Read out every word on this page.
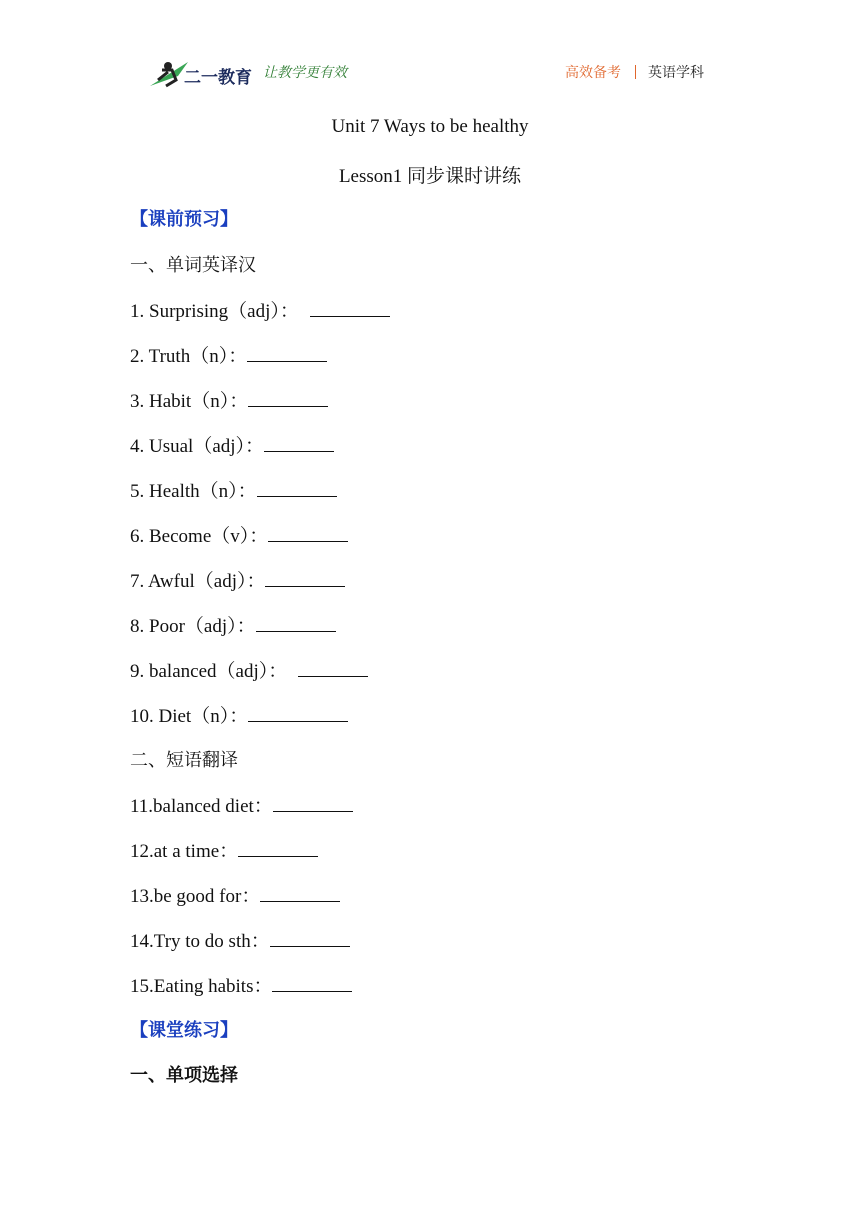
二一教育 让教学更有效	高效备考 英语学科
Unit 7 Ways to be healthy
Lesson1 同步课时讲练
【课前预习】
一、单词英译汉
1. Surprising（adj）：
2. Truth（n）：
3. Habit（n）：
4. Usual（adj）：
5. Health（n）：
6. Become（v）：
7. Awful（adj）：
8. Poor（adj）：
9. balanced（adj）：
10. Diet（n）：
二、短语翻译
11.balanced diet：
12.at a time：
13.be good for：
14.Try to do sth：
15.Eating habits：
【课堂练习】
一、单项选择
